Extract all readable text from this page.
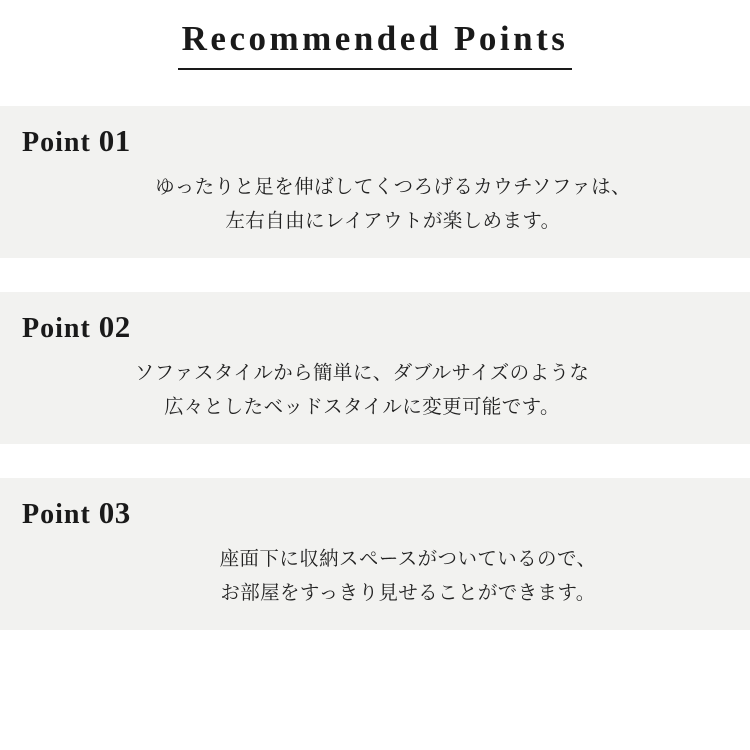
Recommended Points
Point 01
ゆったりと足を伸ばしてくつろげるカウチソファは、
左右自由にレイアウトが楽しめます。
Point 02
ソファスタイルから簡単に、ダブルサイズのような
広々としたベッドスタイルに変更可能です。
Point 03
座面下に収納スペースがついているので、
お部屋をすっきり見せることができます。
